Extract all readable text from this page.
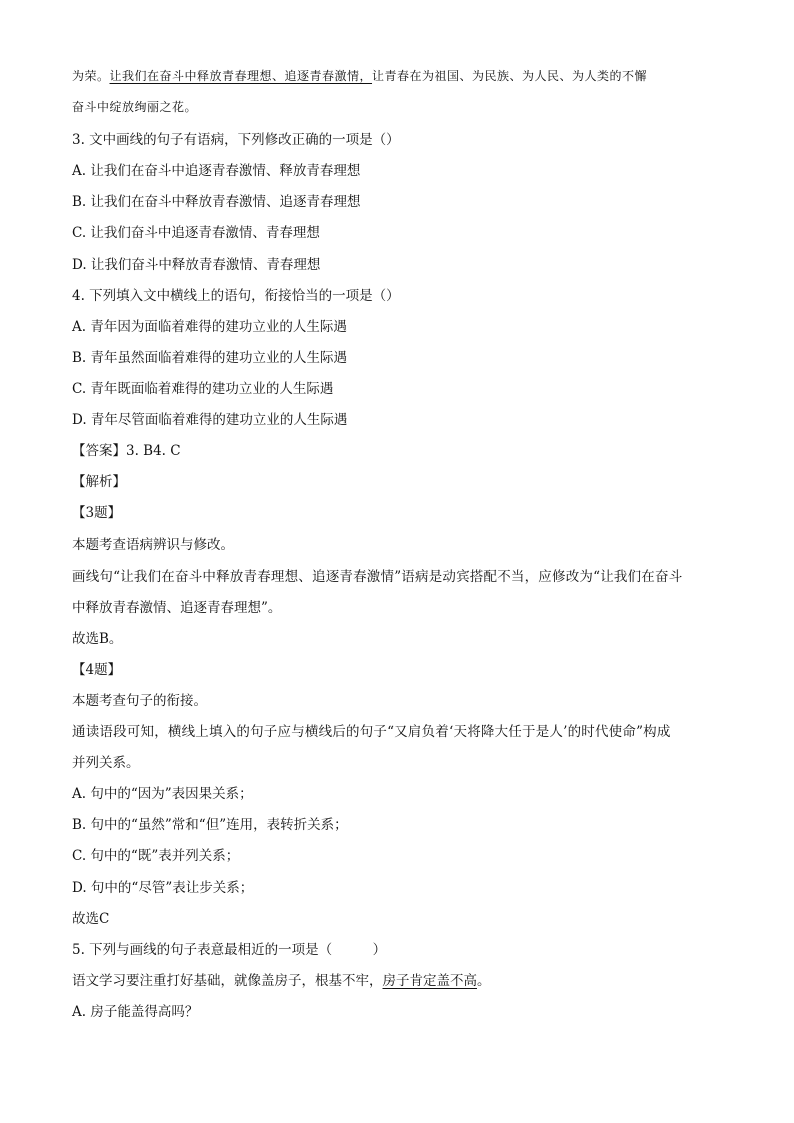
为荣。让我们在奋斗中释放青春理想、追逐青春激情，让青春在为祖国、为民族、为人民、为人类的不懈
奋斗中绽放绚丽之花。
3. 文中画线的句子有语病，下列修改正确的一项是（）
A. 让我们在奋斗中追逐青春激情、释放青春理想
B. 让我们在奋斗中释放青春激情、追逐青春理想
C. 让我们奋斗中追逐青春激情、青春理想
D. 让我们奋斗中释放青春激情、青春理想
4. 下列填入文中横线上的语句，衔接恰当的一项是（）
A. 青年因为面临着难得的建功立业的人生际遇
B. 青年虽然面临着难得的建功立业的人生际遇
C. 青年既面临着难得的建功立业的人生际遇
D. 青年尽管面临着难得的建功立业的人生际遇
【答案】3. B4. C
【解析】
【3题】
本题考查语病辨识与修改。
画线句“让我们在奋斗中释放青春理想、追逐青春激情”语病是动宾搭配不当，应修改为“让我们在奋斗
中释放青春激情、追逐青春理想”。
故选B。
【4题】
本题考查句子的衔接。
通读语段可知，横线上填入的句子应与横线后的句子“又肩负着‘天将降大任于是人’的时代使命”构成
并列关系。
A. 句中的“因为”表因果关系；
B. 句中的“虽然”常和“但”连用，表转折关系；
C. 句中的“既”表并列关系；
D. 句中的“尽管”表让步关系；
故选C
5. 下列与画线的句子表意最相近的一项是（　　　）
语文学习要注重打好基础，就像盖房子，根基不牢，房子肯定盖不高。
A. 房子能盖得高吗？
